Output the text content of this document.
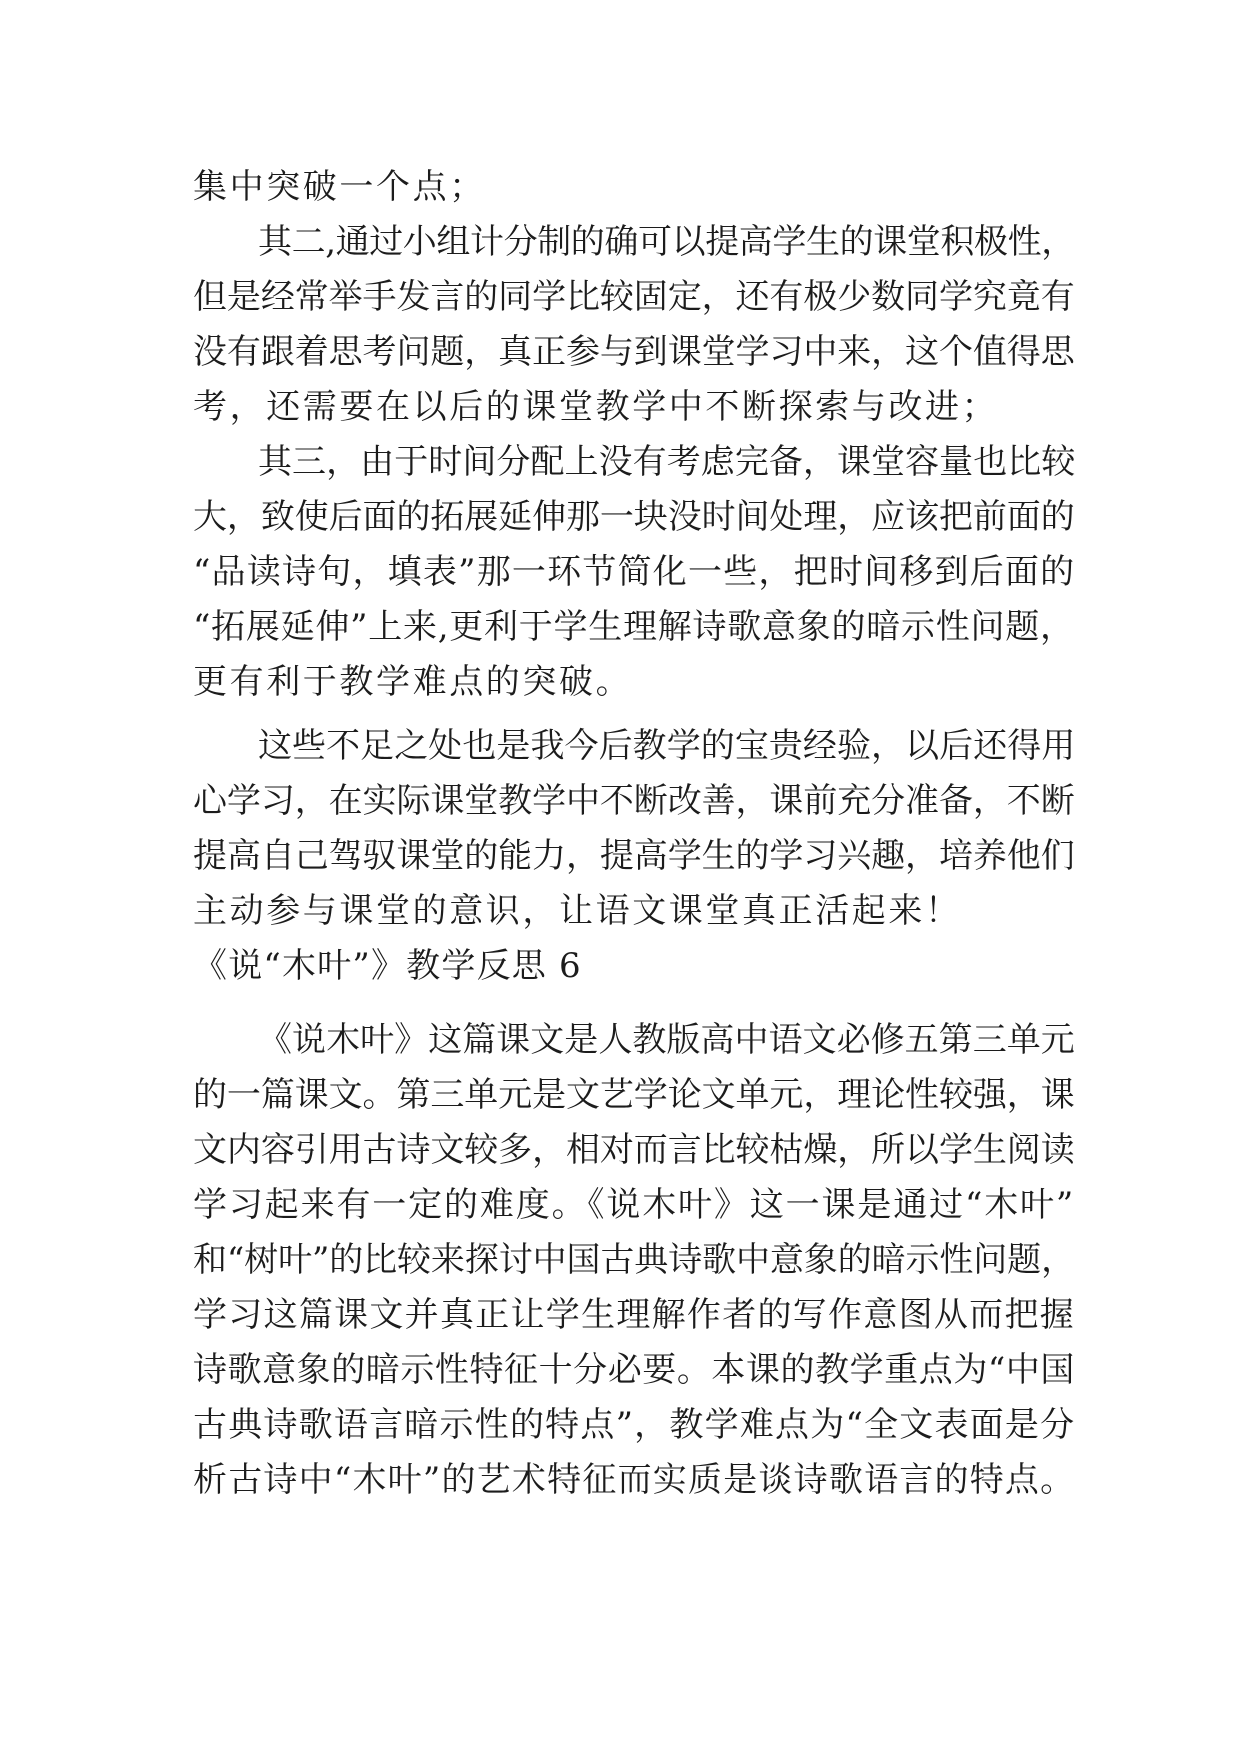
集中突破一个点；
其二,通过小组计分制的确可以提高学生的课堂积极性，
但是经常举手发言的同学比较固定，还有极少数同学究竟有
没有跟着思考问题，真正参与到课堂学习中来，这个值得思
考，还需要在以后的课堂教学中不断探索与改进；
其三，由于时间分配上没有考虑完备，课堂容量也比较
大，致使后面的拓展延伸那一块没时间处理，应该把前面的
“品读诗句，填表”那一环节简化一些，把时间移到后面的
“拓展延伸”上来,更利于学生理解诗歌意象的暗示性问题，
更有利于教学难点的突破。
这些不足之处也是我今后教学的宝贵经验，以后还得用
心学习，在实际课堂教学中不断改善，课前充分准备，不断
提高自己驾驭课堂的能力，提高学生的学习兴趣，培养他们
主动参与课堂的意识，让语文课堂真正活起来！
《说“木叶”》教学反思 6
《说木叶》这篇课文是人教版高中语文必修五第三单元
的一篇课文。第三单元是文艺学论文单元，理论性较强，课
文内容引用古诗文较多，相对而言比较枯燥，所以学生阅读
学习起来有一定的难度。《说木叶》这一课是通过“木叶”
和“树叶”的比较来探讨中国古典诗歌中意象的暗示性问题，
学习这篇课文并真正让学生理解作者的写作意图从而把握
诗歌意象的暗示性特征十分必要。本课的教学重点为“中国
古典诗歌语言暗示性的特点”，教学难点为“全文表面是分
析古诗中“木叶”的艺术特征而实质是谈诗歌语言的特点。
